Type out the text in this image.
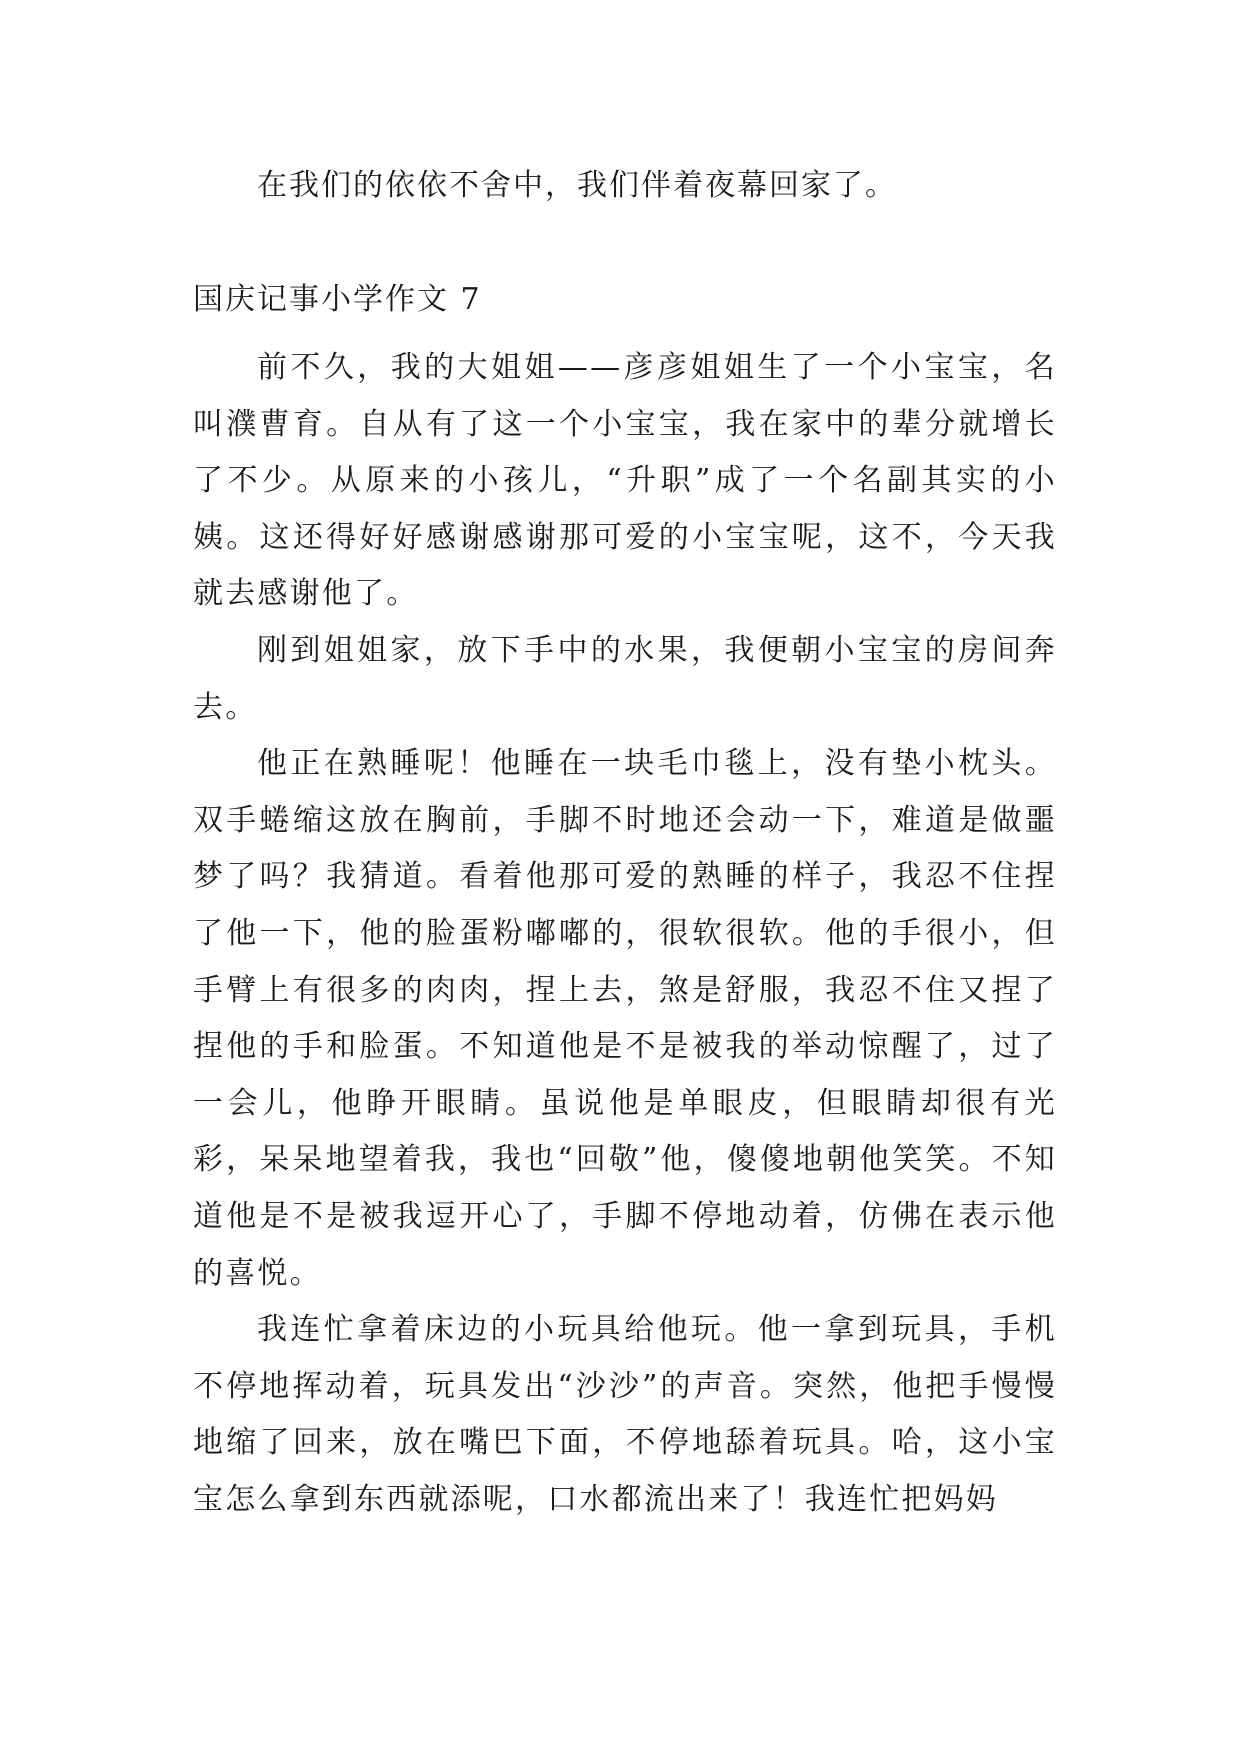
在我们的依依不舍中，我们伴着夜幕回家了。
国庆记事小学作文 7

前不久，我的大姐姐——彦彦姐姐生了一个小宝宝，名叫濮曹育。自从有了这一个小宝宝，我在家中的辈分就增长了不少。从原来的小孩儿，“升职”成了一个名副其实的小姨。这还得好好感谢感谢那可爱的小宝宝呢，这不，今天我就去感谢他了。

刚到姐姐家，放下手中的水果，我便朝小宝宝的房间奔去。

他正在熟睡呢！他睡在一块毛巾毯上，没有垫小枕头。双手蜷缩这放在胸前，手脚不时地还会动一下，难道是做噩梦了吗？我猜道。看着他那可爱的熟睡的样子，我忍不住捏了他一下，他的脸蛋粉嘟嘟的，很软很软。他的手很小，但手臂上有很多的肉肉，捏上去，煞是舒服，我忍不住又捏了捏他的手和脸蛋。不知道他是不是被我的举动惊醒了，过了一会儿，他睁开眼睛。虽说他是单眼皮，但眼睛却很有光彩，呆呆地望着我，我也“回敬”他，傻傻地朝他笑笑。不知道他是不是被我逗开心了，手脚不停地动着，仿佛在表示他的喜悦。

我连忙拿着床边的小玩具给他玩。他一拿到玩具，手机不停地挥动着，玩具发出“沙沙”的声音。突然，他把手慢慢地缩了回来，放在嘴巴下面，不停地舔着玩具。哈，这小宝宝怎么拿到东西就添呢，口水都流出来了！我连忙把妈妈
